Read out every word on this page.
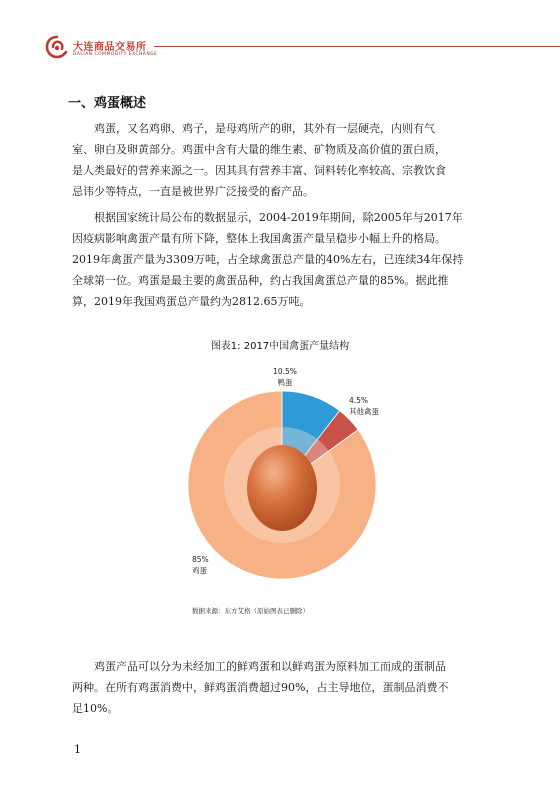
大连商品交易所
DALIAN COMMODITY EXCHANGE
一、鸡蛋概述

鸡蛋，又名鸡卵、鸡子，是母鸡所产的卵，其外有一层硬壳，内则有气
室、卵白及卵黄部分。鸡蛋中含有大量的维生素、矿物质及高价值的蛋白质，
是人类最好的营养来源之一。因其具有营养丰富、饲料转化率较高、宗教饮食
忌讳少等特点，一直是被世界广泛接受的畜产品。

根据国家统计局公布的数据显示，2004-2019年期间，除2005年与2017年
因疫病影响禽蛋产量有所下降，整体上我国禽蛋产量呈稳步小幅上升的格局。
2019年禽蛋产量为3309万吨，占全球禽蛋总产量的40%左右，已连续34年保持
全球第一位。鸡蛋是最主要的禽蛋品种，约占我国禽蛋总产量的85%。据此推
算，2019年我国鸡蛋总产量约为2812.65万吨。

图表1: 2017中国禽蛋产量结构
10.5%
鸭蛋
4.5%
其他禽蛋
85%
鸡蛋
数据来源：东方艾格（原始图表已删除）

鸡蛋产品可以分为未经加工的鲜鸡蛋和以鲜鸡蛋为原料加工而成的蛋制品
两种。在所有鸡蛋消费中，鲜鸡蛋消费超过90%，占主导地位，蛋制品消费不
足10%。

1
